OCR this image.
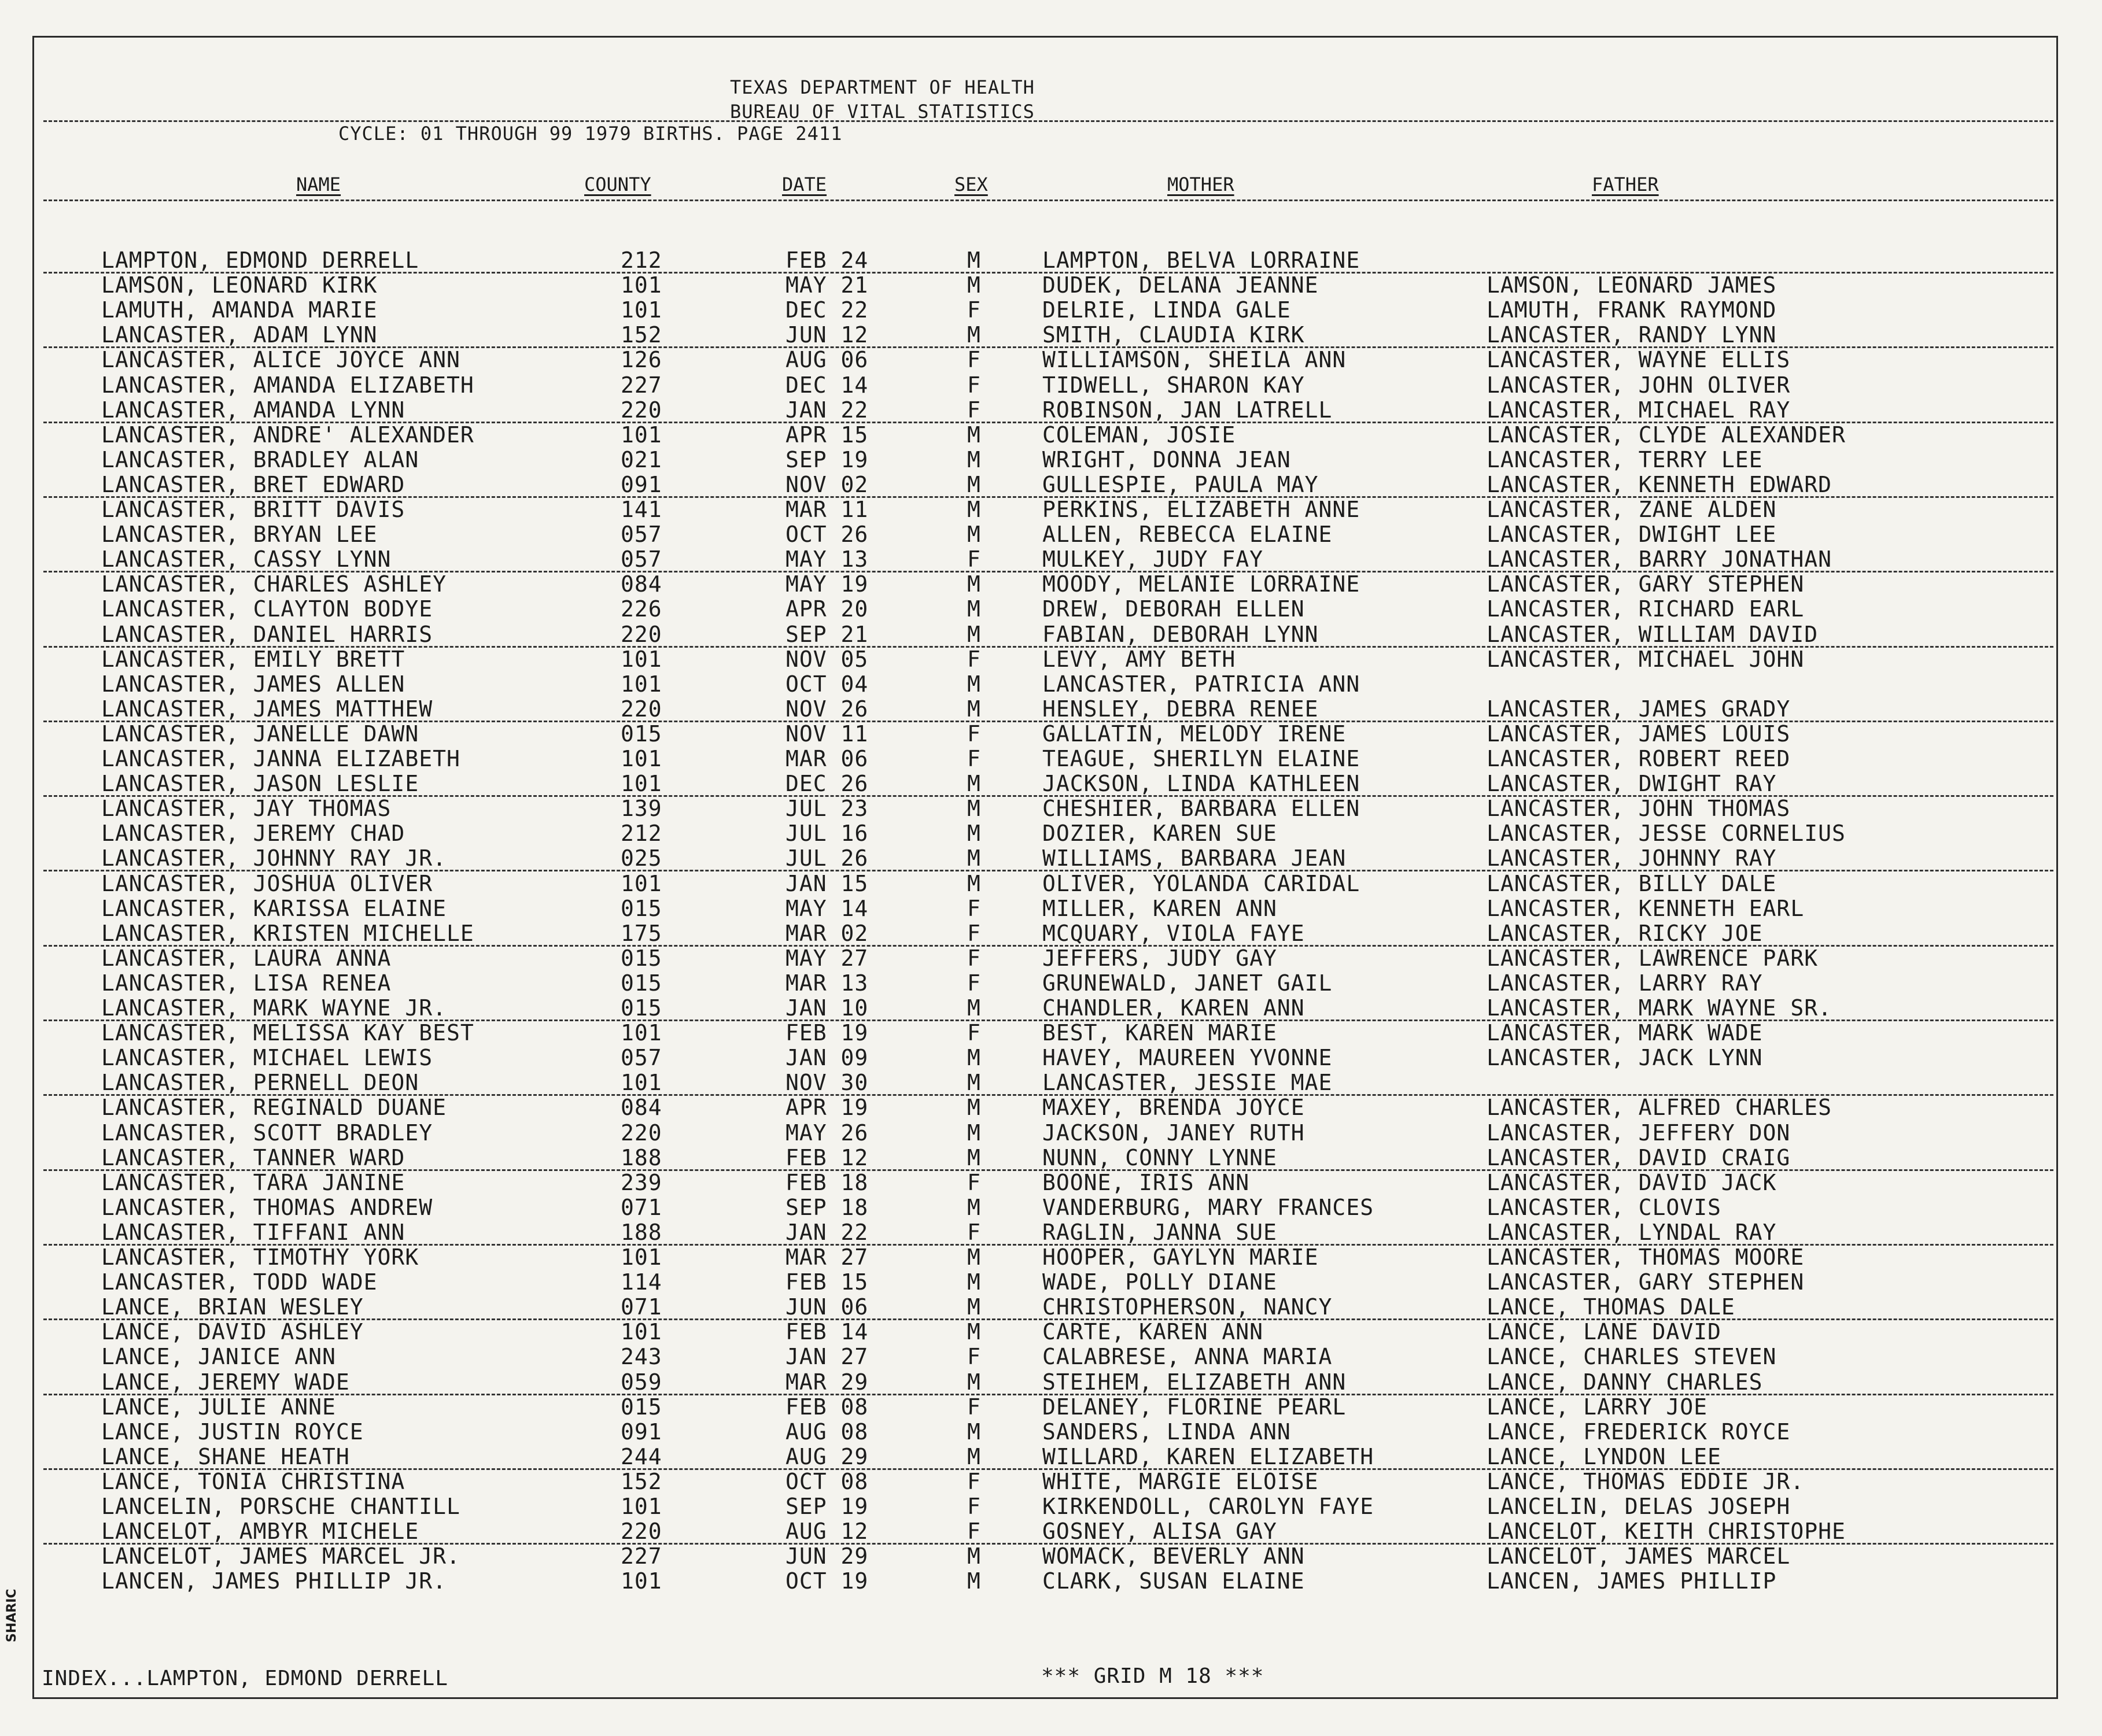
TEXAS DEPARTMENT OF HEALTH
BUREAU OF VITAL STATISTICS
CYCLE: 01 THROUGH 99 1979 BIRTHS. PAGE 2411
NAME	COUNTY	DATE	SEX	MOTHER	FATHER
LAMPTON, EDMOND DERRELL	212	FEB 24	M	LAMPTON, BELVA LORRAINE
LAMSON, LEONARD KIRK	101	MAY 21	M	DUDEK, DELANA JEANNE	LAMSON, LEONARD JAMES
LAMUTH, AMANDA MARIE	101	DEC 22	F	DELRIE, LINDA GALE	LAMUTH, FRANK RAYMOND
LANCASTER, ADAM LYNN	152	JUN 12	M	SMITH, CLAUDIA KIRK	LANCASTER, RANDY LYNN
LANCASTER, ALICE JOYCE ANN	126	AUG 06	F	WILLIAMSON, SHEILA ANN	LANCASTER, WAYNE ELLIS
LANCASTER, AMANDA ELIZABETH	227	DEC 14	F	TIDWELL, SHARON KAY	LANCASTER, JOHN OLIVER
LANCASTER, AMANDA LYNN	220	JAN 22	F	ROBINSON, JAN LATRELL	LANCASTER, MICHAEL RAY
LANCASTER, ANDRE' ALEXANDER	101	APR 15	M	COLEMAN, JOSIE	LANCASTER, CLYDE ALEXANDER
LANCASTER, BRADLEY ALAN	021	SEP 19	M	WRIGHT, DONNA JEAN	LANCASTER, TERRY LEE
LANCASTER, BRET EDWARD	091	NOV 02	M	GULLESPIE, PAULA MAY	LANCASTER, KENNETH EDWARD
LANCASTER, BRITT DAVIS	141	MAR 11	M	PERKINS, ELIZABETH ANNE	LANCASTER, ZANE ALDEN
LANCASTER, BRYAN LEE	057	OCT 26	M	ALLEN, REBECCA ELAINE	LANCASTER, DWIGHT LEE
LANCASTER, CASSY LYNN	057	MAY 13	F	MULKEY, JUDY FAY	LANCASTER, BARRY JONATHAN
LANCASTER, CHARLES ASHLEY	084	MAY 19	M	MOODY, MELANIE LORRAINE	LANCASTER, GARY STEPHEN
LANCASTER, CLAYTON BODYE	226	APR 20	M	DREW, DEBORAH ELLEN	LANCASTER, RICHARD EARL
LANCASTER, DANIEL HARRIS	220	SEP 21	M	FABIAN, DEBORAH LYNN	LANCASTER, WILLIAM DAVID
LANCASTER, EMILY BRETT	101	NOV 05	F	LEVY, AMY BETH	LANCASTER, MICHAEL JOHN
LANCASTER, JAMES ALLEN	101	OCT 04	M	LANCASTER, PATRICIA ANN
LANCASTER, JAMES MATTHEW	220	NOV 26	M	HENSLEY, DEBRA RENEE	LANCASTER, JAMES GRADY
LANCASTER, JANELLE DAWN	015	NOV 11	F	GALLATIN, MELODY IRENE	LANCASTER, JAMES LOUIS
LANCASTER, JANNA ELIZABETH	101	MAR 06	F	TEAGUE, SHERILYN ELAINE	LANCASTER, ROBERT REED
LANCASTER, JASON LESLIE	101	DEC 26	M	JACKSON, LINDA KATHLEEN	LANCASTER, DWIGHT RAY
LANCASTER, JAY THOMAS	139	JUL 23	M	CHESHIER, BARBARA ELLEN	LANCASTER, JOHN THOMAS
LANCASTER, JEREMY CHAD	212	JUL 16	M	DOZIER, KAREN SUE	LANCASTER, JESSE CORNELIUS
LANCASTER, JOHNNY RAY JR.	025	JUL 26	M	WILLIAMS, BARBARA JEAN	LANCASTER, JOHNNY RAY
LANCASTER, JOSHUA OLIVER	101	JAN 15	M	OLIVER, YOLANDA CARIDAL	LANCASTER, BILLY DALE
LANCASTER, KARISSA ELAINE	015	MAY 14	F	MILLER, KAREN ANN	LANCASTER, KENNETH EARL
LANCASTER, KRISTEN MICHELLE	175	MAR 02	F	MCQUARY, VIOLA FAYE	LANCASTER, RICKY JOE
LANCASTER, LAURA ANNA	015	MAY 27	F	JEFFERS, JUDY GAY	LANCASTER, LAWRENCE PARK
LANCASTER, LISA RENEA	015	MAR 13	F	GRUNEWALD, JANET GAIL	LANCASTER, LARRY RAY
LANCASTER, MARK WAYNE JR.	015	JAN 10	M	CHANDLER, KAREN ANN	LANCASTER, MARK WAYNE SR.
LANCASTER, MELISSA KAY BEST	101	FEB 19	F	BEST, KAREN MARIE	LANCASTER, MARK WADE
LANCASTER, MICHAEL LEWIS	057	JAN 09	M	HAVEY, MAUREEN YVONNE	LANCASTER, JACK LYNN
LANCASTER, PERNELL DEON	101	NOV 30	M	LANCASTER, JESSIE MAE
LANCASTER, REGINALD DUANE	084	APR 19	M	MAXEY, BRENDA JOYCE	LANCASTER, ALFRED CHARLES
LANCASTER, SCOTT BRADLEY	220	MAY 26	M	JACKSON, JANEY RUTH	LANCASTER, JEFFERY DON
LANCASTER, TANNER WARD	188	FEB 12	M	NUNN, CONNY LYNNE	LANCASTER, DAVID CRAIG
LANCASTER, TARA JANINE	239	FEB 18	F	BOONE, IRIS ANN	LANCASTER, DAVID JACK
LANCASTER, THOMAS ANDREW	071	SEP 18	M	VANDERBURG, MARY FRANCES	LANCASTER, CLOVIS
LANCASTER, TIFFANI ANN	188	JAN 22	F	RAGLIN, JANNA SUE	LANCASTER, LYNDAL RAY
LANCASTER, TIMOTHY YORK	101	MAR 27	M	HOOPER, GAYLYN MARIE	LANCASTER, THOMAS MOORE
LANCASTER, TODD WADE	114	FEB 15	M	WADE, POLLY DIANE	LANCASTER, GARY STEPHEN
LANCE, BRIAN WESLEY	071	JUN 06	M	CHRISTOPHERSON, NANCY	LANCE, THOMAS DALE
LANCE, DAVID ASHLEY	101	FEB 14	M	CARTE, KAREN ANN	LANCE, LANE DAVID
LANCE, JANICE ANN	243	JAN 27	F	CALABRESE, ANNA MARIA	LANCE, CHARLES STEVEN
LANCE, JEREMY WADE	059	MAR 29	M	STEIHEM, ELIZABETH ANN	LANCE, DANNY CHARLES
LANCE, JULIE ANNE	015	FEB 08	F	DELANEY, FLORINE PEARL	LANCE, LARRY JOE
LANCE, JUSTIN ROYCE	091	AUG 08	M	SANDERS, LINDA ANN	LANCE, FREDERICK ROYCE
LANCE, SHANE HEATH	244	AUG 29	M	WILLARD, KAREN ELIZABETH	LANCE, LYNDON LEE
LANCE, TONIA CHRISTINA	152	OCT 08	F	WHITE, MARGIE ELOISE	LANCE, THOMAS EDDIE JR.
LANCELIN, PORSCHE CHANTILL	101	SEP 19	F	KIRKENDOLL, CAROLYN FAYE	LANCELIN, DELAS JOSEPH
LANCELOT, AMBYR MICHELE	220	AUG 12	F	GOSNEY, ALISA GAY	LANCELOT, KEITH CHRISTOPHE
LANCELOT, JAMES MARCEL JR.	227	JUN 29	M	WOMACK, BEVERLY ANN	LANCELOT, JAMES MARCEL
LANCEN, JAMES PHILLIP JR.	101	OCT 19	M	CLARK, SUSAN ELAINE	LANCEN, JAMES PHILLIP
INDEX...LAMPTON, EDMOND DERRELL	*** GRID M 18 ***
SHARIC
